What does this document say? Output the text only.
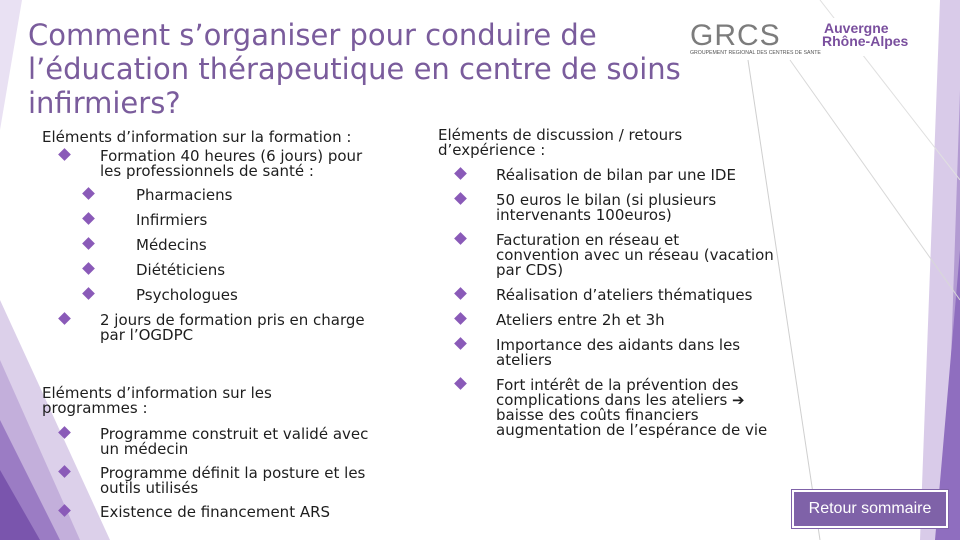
Comment s’organiser pour conduire de
l’éducation thérapeutique en centre de soins
infirmiers?
GRCS	Auvergne
Rhône-Alpes
GROUPEMENT REGIONAL DES CENTRES DE SANTE
Eléments d’information sur la formation :
Formation 40 heures (6 jours) pour
les professionnels de santé :
Pharmaciens
Infirmiers
Médecins
Diététiciens
Psychologues
2 jours de formation pris en charge
par l’OGDPC
Eléments d’information sur les
programmes :
Programme construit et validé avec
un médecin
Programme définit la posture et les
outils utilisés
Existence de financement ARS
Eléments de discussion / retours
d’expérience :
Réalisation de bilan par une IDE
50 euros le bilan (si plusieurs
intervenants 100euros)
Facturation en réseau et
convention avec un réseau (vacation
par CDS)
Réalisation d’ateliers thématiques
Ateliers entre 2h et 3h
Importance des aidants dans les
ateliers
Fort intérêt de la prévention des
complications dans les ateliers ➔
baisse des coûts financiers
augmentation de l’espérance de vie
Retour sommaire
